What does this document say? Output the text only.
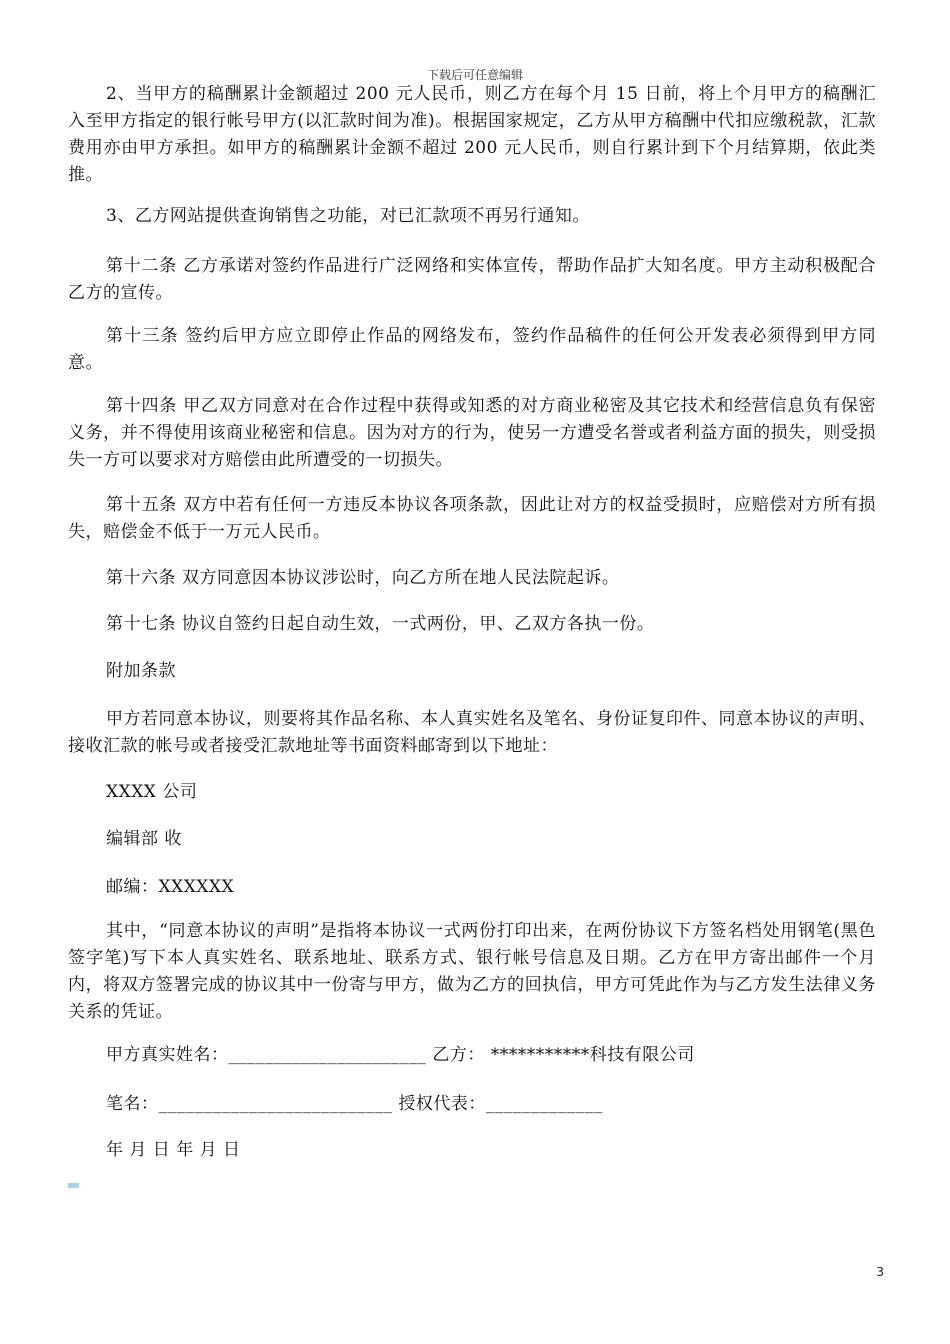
下载后可任意编辑
2、当甲方的稿酬累计金额超过 200 元人民币，则乙方在每个月 15 日前，将上个月甲方的稿酬汇入至甲方指定的银行帐号甲方(以汇款时间为准)。根据国家规定，乙方从甲方稿酬中代扣应缴税款，汇款费用亦由甲方承担。如甲方的稿酬累计金额不超过 200 元人民币，则自行累计到下个月结算期，依此类推。
3、乙方网站提供查询销售之功能，对已汇款项不再另行通知。
第十二条 乙方承诺对签约作品进行广泛网络和实体宣传，帮助作品扩大知名度。甲方主动积极配合乙方的宣传。
第十三条 签约后甲方应立即停止作品的网络发布，签约作品稿件的任何公开发表必须得到甲方同意。
第十四条 甲乙双方同意对在合作过程中获得或知悉的对方商业秘密及其它技术和经营信息负有保密义务，并不得使用该商业秘密和信息。因为对方的行为，使另一方遭受名誉或者利益方面的损失，则受损失一方可以要求对方赔偿由此所遭受的一切损失。
第十五条 双方中若有任何一方违反本协议各项条款，因此让对方的权益受损时，应赔偿对方所有损失，赔偿金不低于一万元人民币。
第十六条 双方同意因本协议涉讼时，向乙方所在地人民法院起诉。
第十七条 协议自签约日起自动生效，一式两份，甲、乙双方各执一份。
附加条款
甲方若同意本协议，则要将其作品名称、本人真实姓名及笔名、身份证复印件、同意本协议的声明、接收汇款的帐号或者接受汇款地址等书面资料邮寄到以下地址：
XXXX 公司
编辑部 收
邮编：XXXXXX
其中，“同意本协议的声明”是指将本协议一式两份打印出来，在两份协议下方签名档处用钢笔(黑色签字笔)写下本人真实姓名、联系地址、联系方式、银行帐号信息及日期。乙方在甲方寄出邮件一个月内，将双方签署完成的协议其中一份寄与甲方，做为乙方的回执信，甲方可凭此作为与乙方发生法律义务关系的凭证。
甲方真实姓名：______________________ 乙方： ***********科技有限公司
笔名：__________________________ 授权代表：_____________
年 月 日 年 月 日
3
